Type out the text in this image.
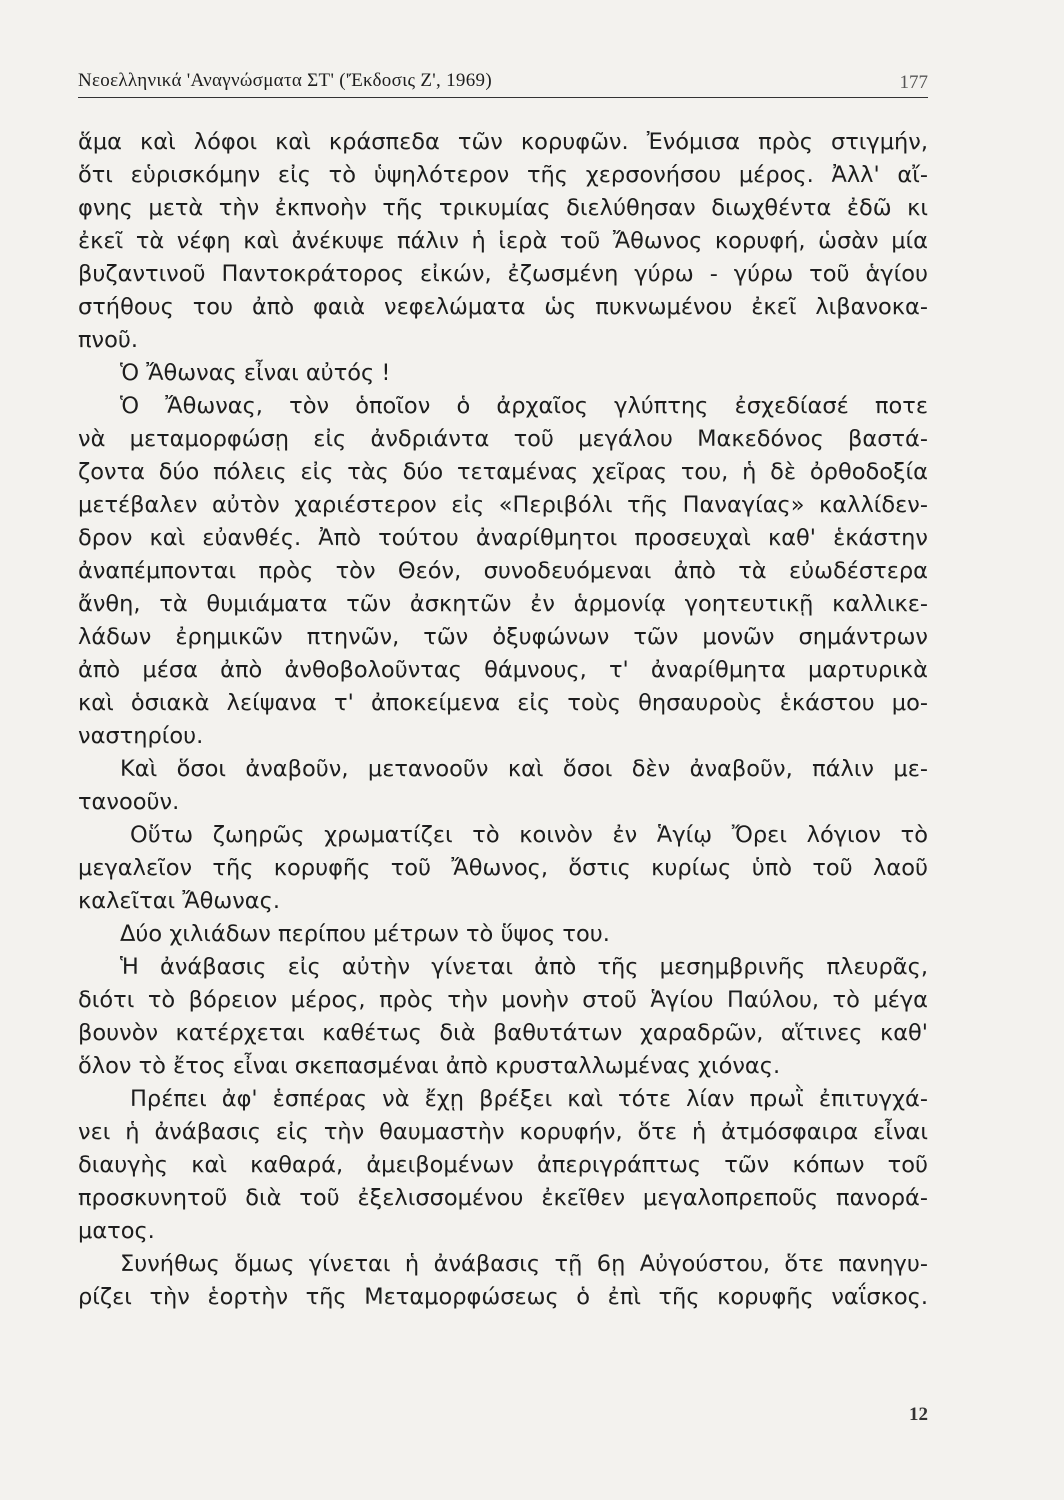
Νεοελληνικά 'Αναγνώσματα ΣΤ' ('Έκδοσις Ζ', 1969)	177
ἅμα καὶ λόφοι καὶ κράσπεδα τῶν κορυφῶν. Ἐνόμισα πρὸς στιγμήν,
ὅτι εὑρισκόμην εἰς τὸ ὑψηλότερον τῆς χερσονήσου μέρος. Ἀλλ' αἴ-
φνης μετὰ τὴν ἐκπνοὴν τῆς τρικυμίας διελύθησαν διωχθέντα ἐδῶ κι
ἐκεῖ τὰ νέφη καὶ ἀνέκυψε πάλιν ἡ ἱερὰ τοῦ Ἄθωνος κορυφή, ὡσὰν μία
βυζαντινοῦ Παντοκράτορος εἰκών, ἐζωσμένη γύρω - γύρω τοῦ ἁγίου
στήθους του ἀπὸ φαιὰ νεφελώματα ὡς πυκνωμένου ἐκεῖ λιβανοκα-
πνοῦ.
Ὁ Ἄθωνας εἶναι αὐτός !
Ὁ Ἄθωνας, τὸν ὁποῖον ὁ ἀρχαῖος γλύπτης ἐσχεδίασέ ποτε
νὰ μεταμορφώσῃ εἰς ἀνδριάντα τοῦ μεγάλου Μακεδόνος βαστά-
ζοντα δύο πόλεις εἰς τὰς δύο τεταμένας χεῖρας του, ἡ δὲ ὀρθοδοξία
μετέβαλεν αὐτὸν χαριέστερον εἰς «Περιβόλι τῆς Παναγίας» καλλίδεν-
δρον καὶ εὐανθές. Ἀπὸ τούτου ἀναρίθμητοι προσευχαὶ καθ' ἑκάστην
ἀναπέμπονται πρὸς τὸν Θεόν, συνοδευόμεναι ἀπὸ τὰ εὐωδέστερα
ἄνθη, τὰ θυμιάματα τῶν ἀσκητῶν ἐν ἁρμονίᾳ γοητευτικῇ καλλικε-
λάδων ἐρημικῶν πτηνῶν, τῶν ὀξυφώνων τῶν μονῶν σημάντρων
ἀπὸ μέσα ἀπὸ ἀνθοβολοῦντας θάμνους, τ' ἀναρίθμητα μαρτυρικὰ
καὶ ὁσιακὰ λείψανα τ' ἀποκείμενα εἰς τοὺς θησαυροὺς ἑκάστου μο-
ναστηρίου.
Καὶ ὅσοι ἀναβοῦν, μετανοοῦν καὶ ὅσοι δὲν ἀναβοῦν, πάλιν με-
τανοοῦν.
Οὕτω ζωηρῶς χρωματίζει τὸ κοινὸν ἐν Ἁγίῳ Ὄρει λόγιον τὸ
μεγαλεῖον τῆς κορυφῆς τοῦ Ἄθωνος, ὅστις κυρίως ὑπὸ τοῦ λαοῦ
καλεῖται Ἄθωνας.
Δύο χιλιάδων περίπου μέτρων τὸ ὕψος του.
Ἡ ἀνάβασις εἰς αὐτὴν γίνεται ἀπὸ τῆς μεσημβρινῆς πλευρᾶς,
διότι τὸ βόρειον μέρος, πρὸς τὴν μονὴν στοῦ Ἁγίου Παύλου, τὸ μέγα
βουνὸν κατέρχεται καθέτως διὰ βαθυτάτων χαραδρῶν, αἵτινες καθ'
ὅλον τὸ ἔτος εἶναι σκεπασμέναι ἀπὸ κρυσταλλωμένας χιόνας.
Πρέπει ἀφ' ἑσπέρας νὰ ἔχῃ βρέξει καὶ τότε λίαν πρωῒ ἐπιτυγχά-
νει ἡ ἀνάβασις εἰς τὴν θαυμαστὴν κορυφήν, ὅτε ἡ ἀτμόσφαιρα εἶναι
διαυγὴς καὶ καθαρά, ἀμειβομένων ἀπεριγράπτως τῶν κόπων τοῦ
προσκυνητοῦ διὰ τοῦ ἐξελισσομένου ἐκεῖθεν μεγαλοπρεποῦς πανορά-
ματος.
Συνήθως ὅμως γίνεται ἡ ἀνάβασις τῇ 6ῃ Αὐγούστου, ὅτε πανηγυ-
ρίζει τὴν ἑορτὴν τῆς Μεταμορφώσεως ὁ ἐπὶ τῆς κορυφῆς ναΐσκος.
12
